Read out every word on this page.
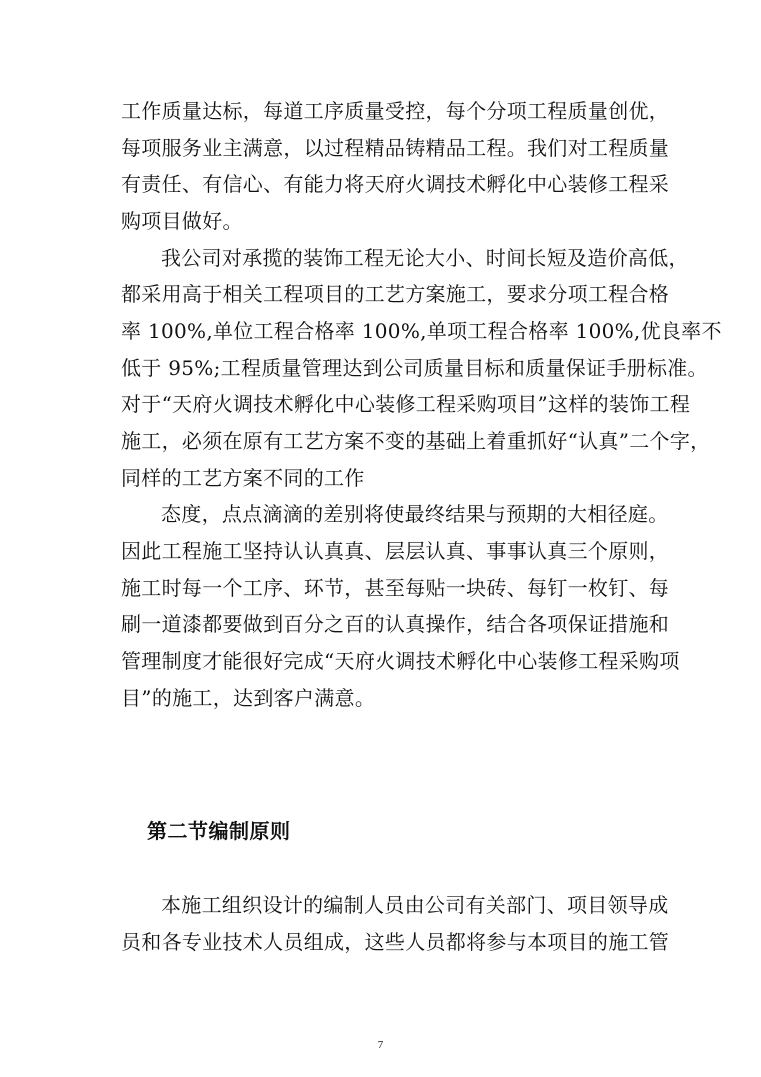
工作质量达标，每道工序质量受控，每个分项工程质量创优，
每项服务业主满意，以过程精品铸精品工程。我们对工程质量
有责任、有信心、有能力将天府火调技术孵化中心装修工程采
购项目做好。
我公司对承揽的装饰工程无论大小、时间长短及造价高低，
都采用高于相关工程项目的工艺方案施工，要求分项工程合格
率 100%,单位工程合格率 100%,单项工程合格率 100%,优良率不
低于 95%;工程质量管理达到公司质量目标和质量保证手册标准。
对于“天府火调技术孵化中心装修工程采购项目”这样的装饰工程
施工，必须在原有工艺方案不变的基础上着重抓好“认真”二个字，
同样的工艺方案不同的工作
态度，点点滴滴的差别将使最终结果与预期的大相径庭。
因此工程施工坚持认认真真、层层认真、事事认真三个原则，
施工时每一个工序、环节，甚至每贴一块砖、每钉一枚钉、每
刷一道漆都要做到百分之百的认真操作，结合各项保证措施和
管理制度才能很好完成“天府火调技术孵化中心装修工程采购项
目”的施工，达到客户满意。
第二节编制原则
本施工组织设计的编制人员由公司有关部门、项目领导成
员和各专业技术人员组成，这些人员都将参与本项目的施工管
7
